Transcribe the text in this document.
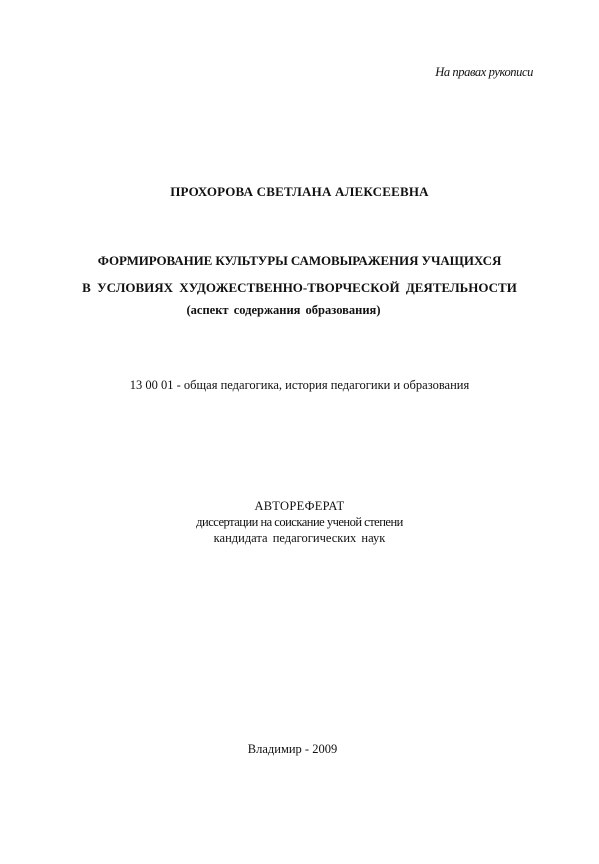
На правах рукописи
ПРОХОРОВА СВЕТЛАНА АЛЕКСЕЕВНА
ФОРМИРОВАНИЕ КУЛЬТУРЫ САМОВЫРАЖЕНИЯ УЧАЩИХСЯ
В УСЛОВИЯХ ХУДОЖЕСТВЕННО-ТВОРЧЕСКОЙ ДЕЯТЕЛЬНОСТИ
(аспект содержания образования)
13 00 01 - общая педагогика, история педагогики и образования
АВТОРЕФЕРАТ
диссертации на соискание ученой степени
кандидата педагогических наук
Владимир - 2009
